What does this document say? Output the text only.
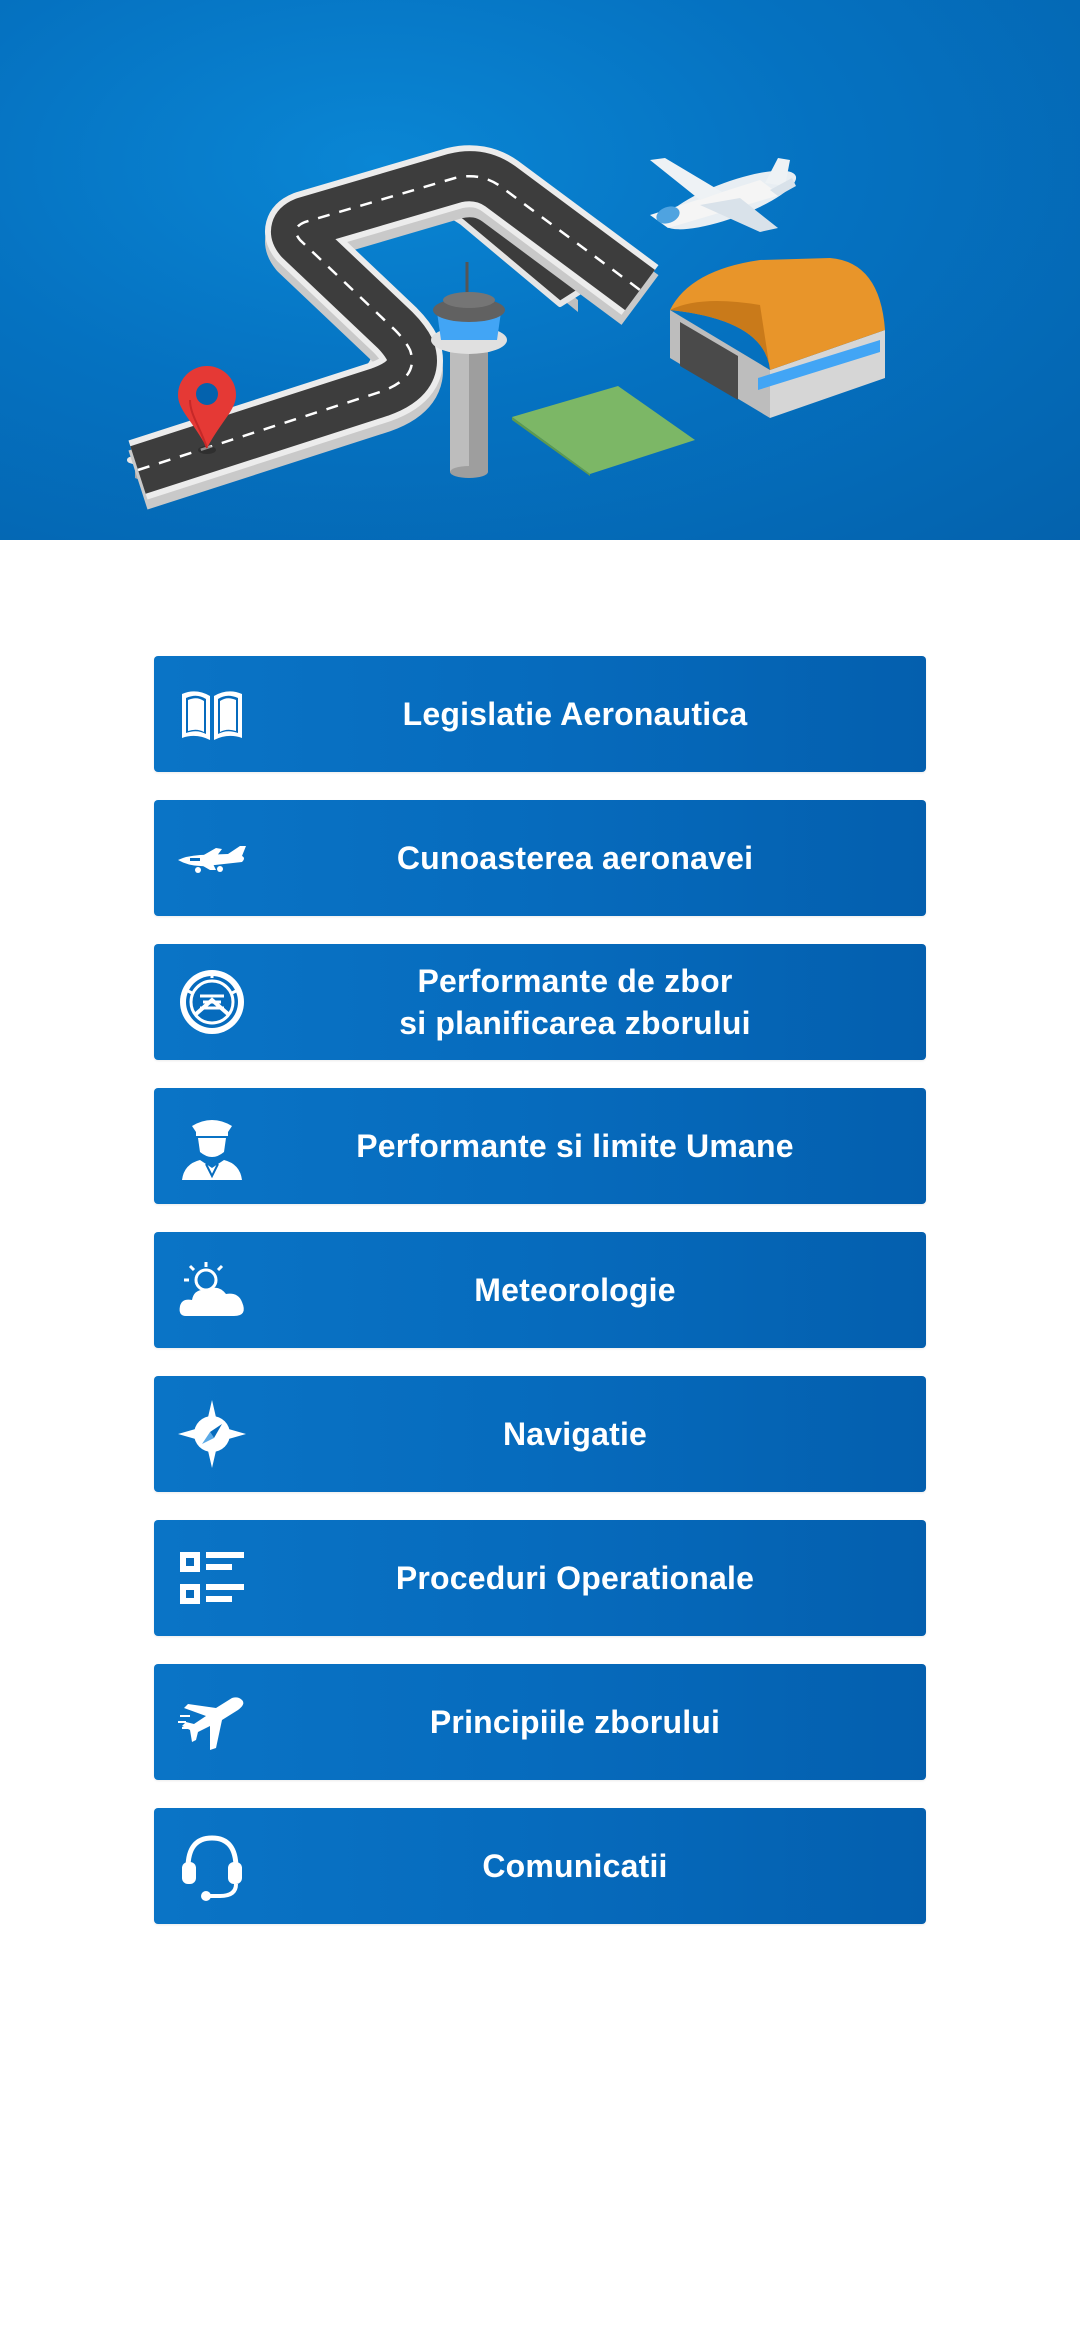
Legislatie Aeronautica
Cunoasterea aeronavei
Performante de zbor
si planificarea zborului
Performante si limite Umane
Meteorologie
Navigatie
Proceduri Operationale
Principiile zborului
Comunicatii
